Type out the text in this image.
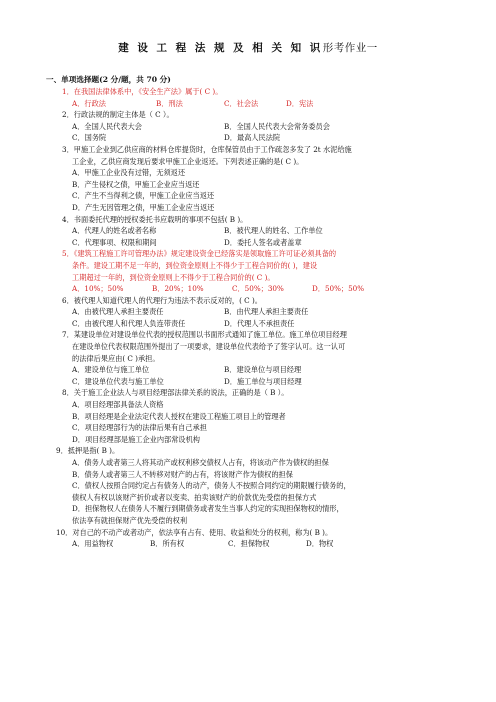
建 设 工 程 法 规 及 相 关 知 识形考作业一
一、单项选择题(2 分/题，共 70 分)

1．在我国法律体系中，《安全生产法》属于( C )。

A．行政法	B．刑法	C．社会法	D．宪法

2．行政法规的制定主体是（ C ）。

A．全国人民代表大会	B．全国人民代表大会常务委员会
C．国务院	D．最高人民法院

3．甲施工企业到乙供应商的材料仓库提货时，仓库保管员由于工作疏忽多发了 2t 水泥给施

工企业，乙供应商发现后要求甲施工企业返还。下列表述正确的是( C )。

A．甲施工企业没有过错，无须返还

B．产生侵权之债，甲施工企业应当返还

C．产生不当得利之债，甲施工企业应当返还

D．产生无因管理之债，甲施工企业应当返还

4．书面委托代理的授权委托书应载明的事项不包括( B )。

A．代理人的姓名或者名称	B．被代理人的姓名、工作单位
C．代理事项、权限和期间	D．委托人签名或者盖章

5．《建筑工程施工许可管理办法》规定建设资金已经落实是领取施工许可证必须具备的

条件。建设工期不足一年的，到位资金原则上不得少于工程合同价的( )，建设

工期超过一年的，到位资金原则上不得少于工程合同价的( C )。

A．10%；50%	B．20%；10%	C．50%；30%	D．50%；50%

6．被代理人知道代理人的代理行为违法不表示反对的，( C )。

A．由被代理人承担主要责任	B．由代理人承担主要责任
C．由被代理人和代理人负连带责任	D．代理人不承担责任

7．某建设单位对建设单位代表的授权范围以书面形式通知了施工单位。施工单位项目经理

在建设单位代表权限范围外提出了一项要求，建设单位代表给予了签字认可。这一认可

的法律后果应由( C )承担。

A．建设单位与施工单位	B．建设单位与项目经理
C．建设单位代表与施工单位	D．施工单位与项目经理

8．关于施工企业法人与项目经理部法律关系的说法，正确的是（ B ）。

A．项目经理部具备法人资格

B．项目经理是企业法定代表人授权在建设工程施工项目上的管理者

C．项目经理部行为的法律后果有自己承担

D．项目经理部是施工企业内部常设机构

9．抵押是指( B )。

A．债务人或者第三人将其动产或权利移交债权人占有，将该动产作为债权的担保

B．债务人或者第三人不转移对财产的占有，将该财产作为债权的担保

C．债权人按照合同约定占有债务人的动产，债务人不按照合同约定的期限履行债务的，

债权人有权以该财产折价或者以变卖、拍卖该财产的价款优先受偿的担保方式

D．担保物权人在债务人不履行到期债务或者发生当事人约定的实现担保物权的情形，

依法享有就担保财产优先受偿的权利

10．对自己的不动产或者动产，依法享有占有、使用、收益和处分的权利，称为( B )。

A．用益物权	B．所有权	C．担保物权	D．物权
